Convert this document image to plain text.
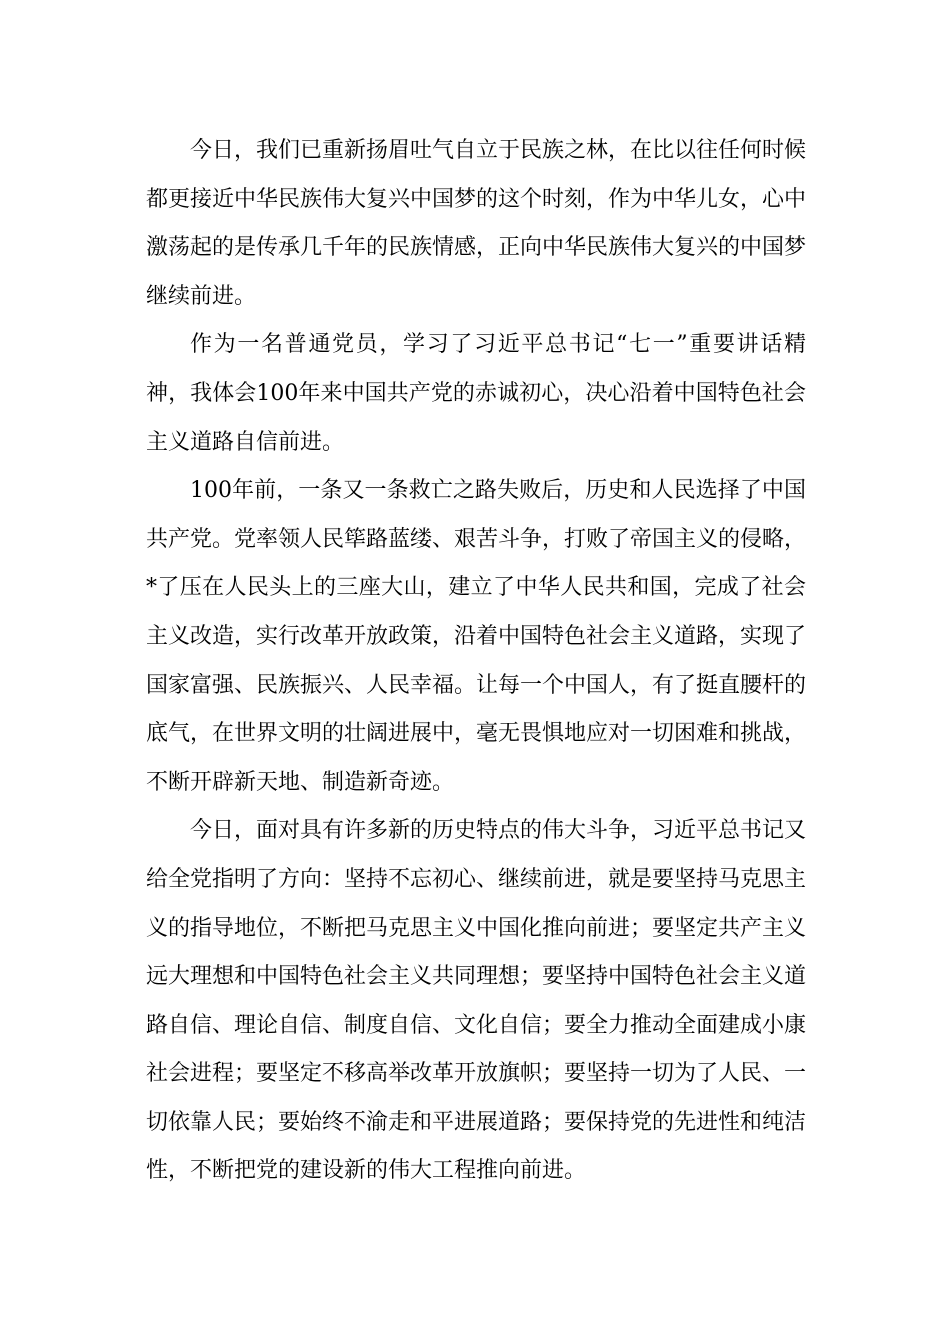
今日，我们已重新扬眉吐气自立于民族之林，在比以往任何时候都更接近中华民族伟大复兴中国梦的这个时刻，作为中华儿女，心中激荡起的是传承几千年的民族情感，正向中华民族伟大复兴的中国梦继续前进。

作为一名普通党员，学习了习近平总书记“七一”重要讲话精神，我体会100年来中国共产党的赤诚初心，决心沿着中国特色社会主义道路自信前进。

100年前，一条又一条救亡之路失败后，历史和人民选择了中国共产党。党率领人民筚路蓝缕、艰苦斗争，打败了帝国主义的侵略，*了压在人民头上的三座大山，建立了中华人民共和国，完成了社会主义改造，实行改革开放政策，沿着中国特色社会主义道路，实现了国家富强、民族振兴、人民幸福。让每一个中国人，有了挺直腰杆的底气，在世界文明的壮阔进展中，毫无畏惧地应对一切困难和挑战，不断开辟新天地、制造新奇迹。

今日，面对具有许多新的历史特点的伟大斗争，习近平总书记又给全党指明了方向：坚持不忘初心、继续前进，就是要坚持马克思主义的指导地位，不断把马克思主义中国化推向前进；要坚定共产主义远大理想和中国特色社会主义共同理想；要坚持中国特色社会主义道路自信、理论自信、制度自信、文化自信；要全力推动全面建成小康社会进程；要坚定不移高举改革开放旗帜；要坚持一切为了人民、一切依靠人民；要始终不渝走和平进展道路；要保持党的先进性和纯洁性，不断把党的建设新的伟大工程推向前进。
